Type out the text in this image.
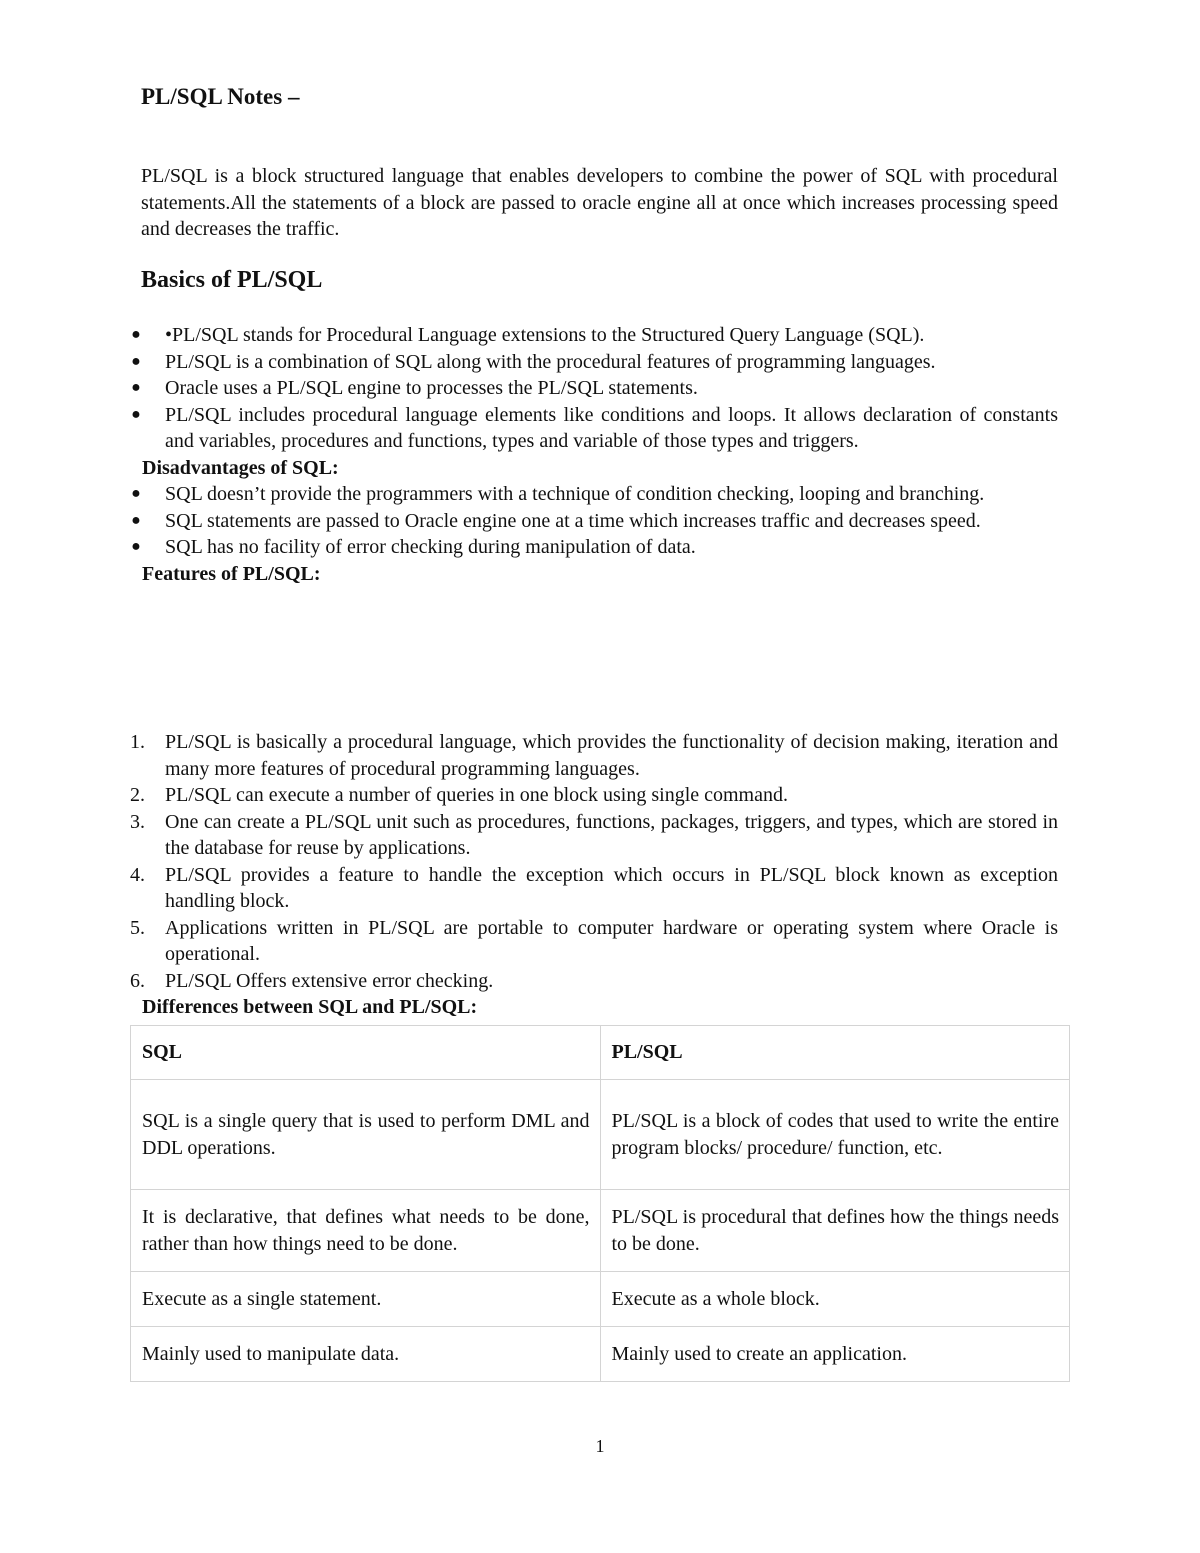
PL/SQL Notes –

PL/SQL is a block structured language that enables developers to combine the power of SQL with procedural statements.All the statements of a block are passed to oracle engine all at once which increases processing speed and decreases the traffic.

Basics of PL/SQL
● •PL/SQL stands for Procedural Language extensions to the Structured Query Language (SQL).
● PL/SQL is a combination of SQL along with the procedural features of programming languages.
● Oracle uses a PL/SQL engine to processes the PL/SQL statements.
● PL/SQL includes procedural language elements like conditions and loops. It allows declaration of constants and variables, procedures and functions, types and variable of those types and triggers.
Disadvantages of SQL:
● SQL doesn’t provide the programmers with a technique of condition checking, looping and branching.
● SQL statements are passed to Oracle engine one at a time which increases traffic and decreases speed.
● SQL has no facility of error checking during manipulation of data.
Features of PL/SQL:
1.	PL/SQL is basically a procedural language, which provides the functionality of decision making, iteration and many more features of procedural programming languages.
2.	PL/SQL can execute a number of queries in one block using single command.
3.	One can create a PL/SQL unit such as procedures, functions, packages, triggers, and types, which are stored in the database for reuse by applications.
4.	PL/SQL provides a feature to handle the exception which occurs in PL/SQL block known as exception handling block.
5.	Applications written in PL/SQL are portable to computer hardware or operating system where Oracle is operational.
6.	PL/SQL Offers extensive error checking.
Differences between SQL and PL/SQL:
SQL	PL/SQL
SQL is a single query that is used to perform DML and DDL operations.	PL/SQL is a block of codes that used to write the entire program blocks/ procedure/ function, etc.
It is declarative, that defines what needs to be done, rather than how things need to be done.	PL/SQL is procedural that defines how the things needs to be done.
Execute as a single statement.	Execute as a whole block.
Mainly used to manipulate data.	Mainly used to create an application.
1
